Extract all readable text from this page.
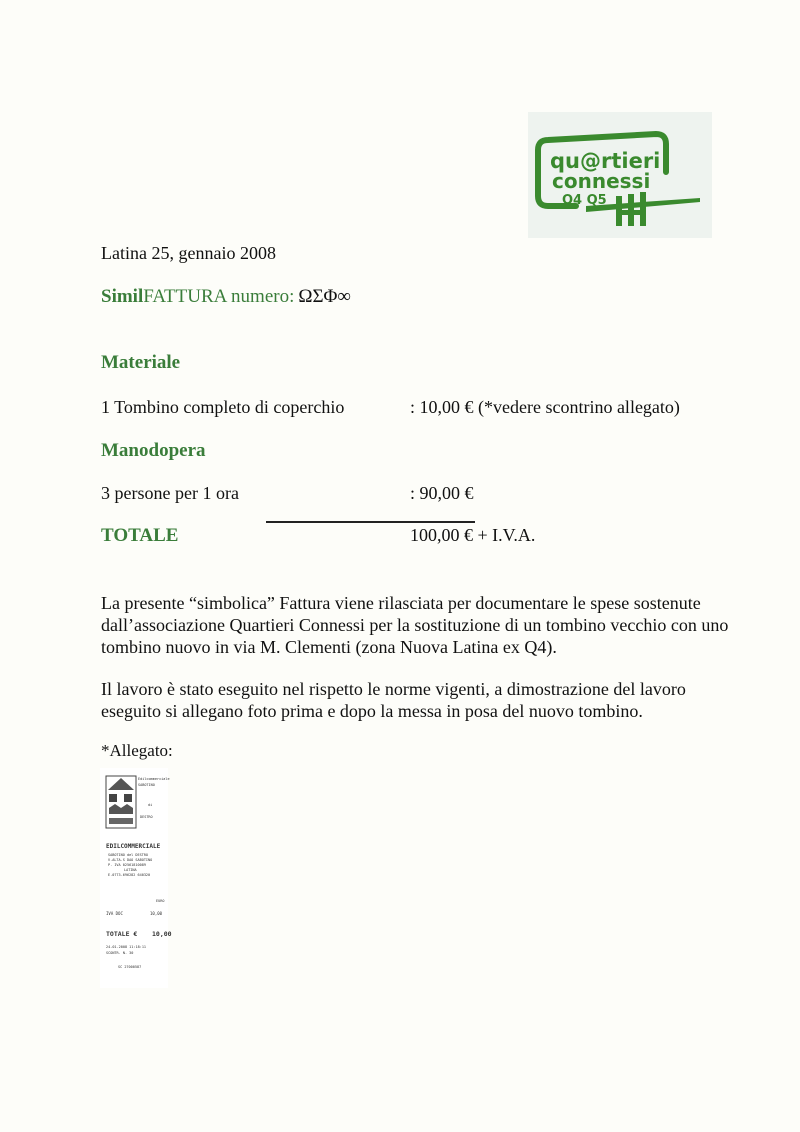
qu@rtieri
connessi
Q4 Q5
Latina 25, gennaio 2008
SimilFATTURA numero: ΩΣΦ∞
Materiale
1 Tombino completo di coperchio	: 10,00 € (*vedere scontrino allegato)
Manodopera
3 persone per 1 ora	: 90,00 €
TOTALE	100,00 € + I.V.A.
La presente “simbolica” Fattura viene rilasciata per documentare le spese sostenute dall’associazione Quartieri Connessi per la sostituzione di un tombino vecchio con uno tombino nuovo in via M. Clementi (zona Nuova Latina ex Q4).
Il lavoro è stato eseguito nel rispetto le norme vigenti, a dimostrazione del lavoro eseguito si allegano foto prima e dopo la messa in posa del nuovo tombino.
*Allegato:
Edilcommerciale
SABOTINO
di
DESTRO
EDILCOMMERCIALE
SABOTINO del DESTRO
V.ALTA.S DAO SABOTINO
P. IVA 02561810089
LATINA
E.0773-696282 640320
EURO
IVA DOC	10,00
TOTALE € 10,00
24-01-2008 11:18:11
SCONTR. N. 30
SC 27000587
